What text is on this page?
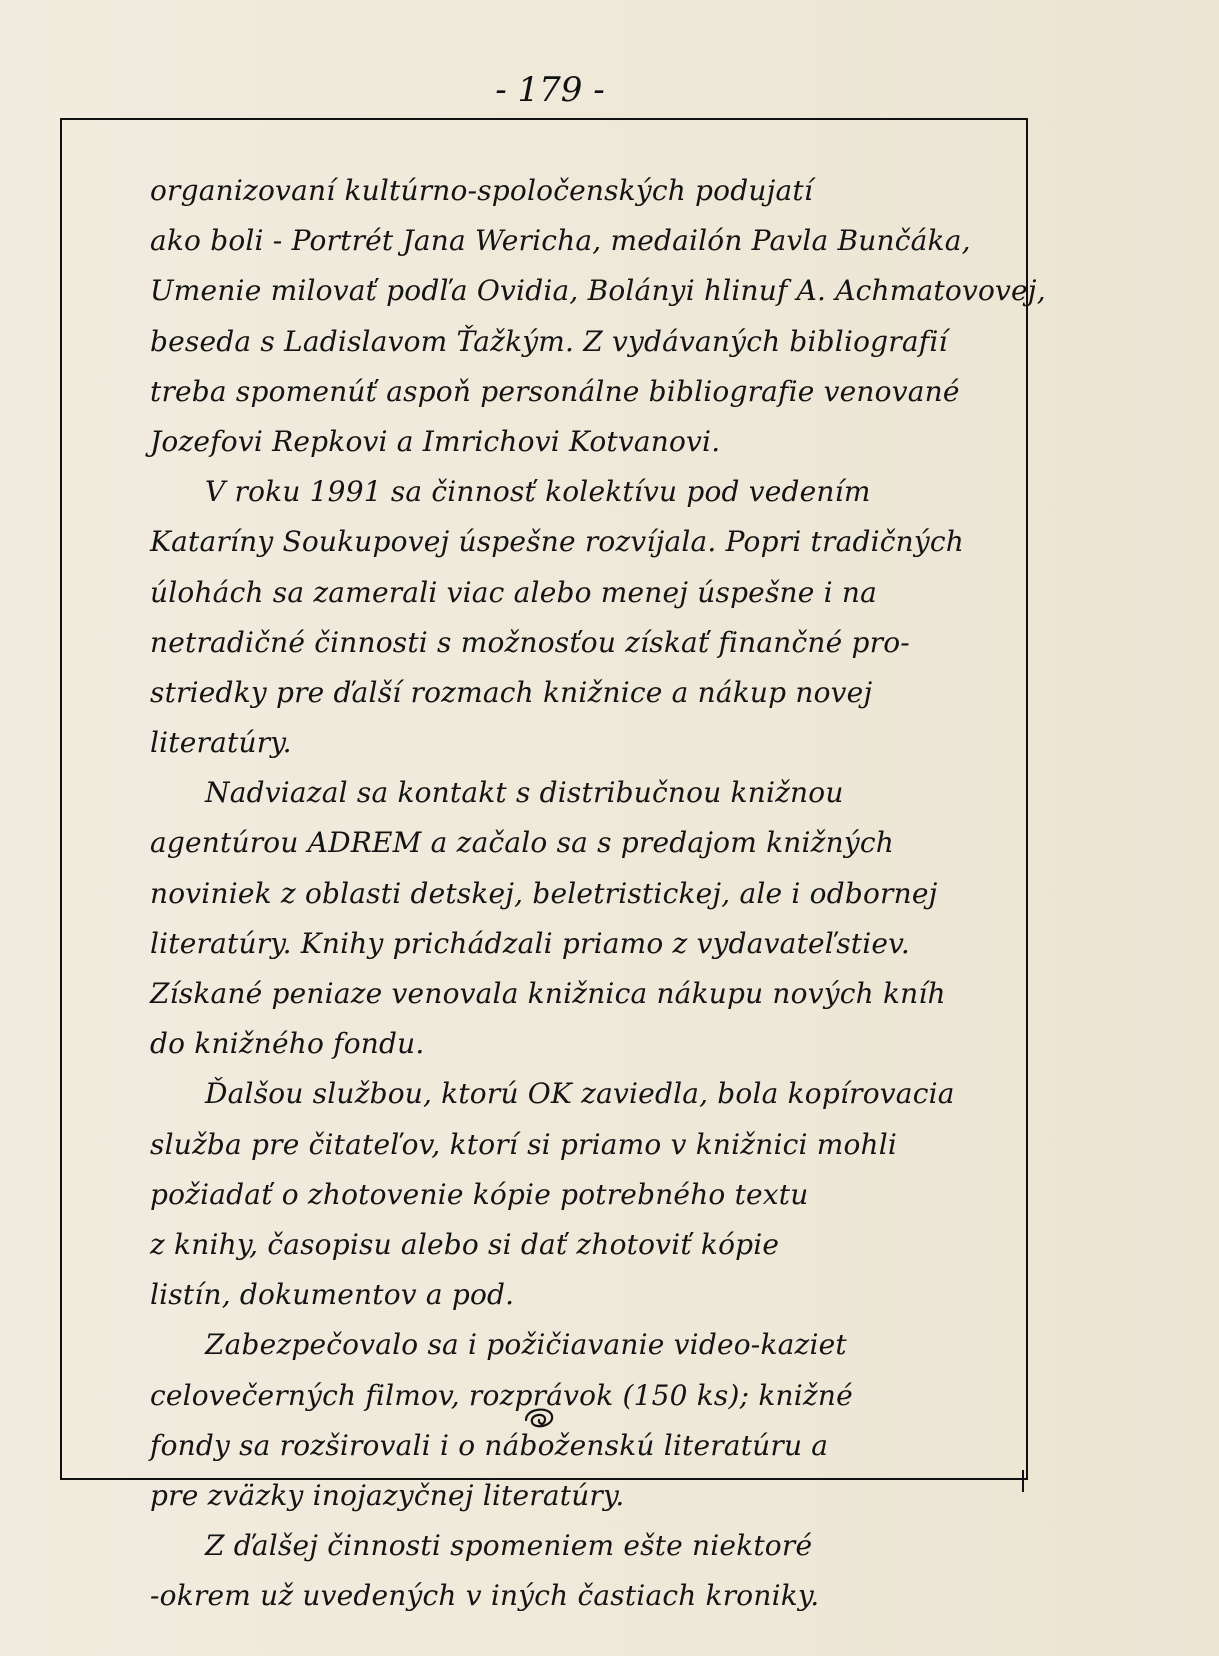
- 179 -
organizovaní kultúrno-spoločenských podujatí
ako boli - Portrét Jana Wericha, medailón Pavla Bunčáka,
Umenie milovať podľa Ovidia, Bolányi hlinuf A. Achmatovovej,
beseda s Ladislavom Ťažkým. Z vydávaných bibliografií
treba spomenúť aspoň personálne bibliografie venované
Jozefovi Repkovi a Imrichovi Kotvanovi.
V roku 1991 sa činnosť kolektívu pod vedením
Kataríny Soukupovej úspešne rozvíjala. Popri tradičných
úlohách sa zamerali viac alebo menej úspešne i na
netradičné činnosti s možnosťou získať finančné pro-
striedky pre ďalší rozmach knižnice a nákup novej
literatúry.
Nadviazal sa kontakt s distribučnou knižnou
agentúrou ADREM a začalo sa s predajom knižných
noviniek z oblasti detskej, beletristickej, ale i odbornej
literatúry. Knihy prichádzali priamo z vydavateľstiev.
Získané peniaze venovala knižnica nákupu nových kníh
do knižného fondu.
Ďalšou službou, ktorú OK zaviedla, bola kopírovacia
služba pre čitateľov, ktorí si priamo v knižnici mohli
požiadať o zhotovenie kópie potrebného textu
z knihy, časopisu alebo si dať zhotoviť kópie
listín, dokumentov a pod.
Zabezpečovalo sa i požičiavanie video-kaziet
celovečerných filmov, rozprávok (150 ks); knižné
fondy sa rozširovali i o náboženskú literatúru a
pre zväzky inojazyčnej literatúry.
Z ďalšej činnosti spomeniem ešte niektoré
-okrem už uvedených v iných častiach kroniky.
